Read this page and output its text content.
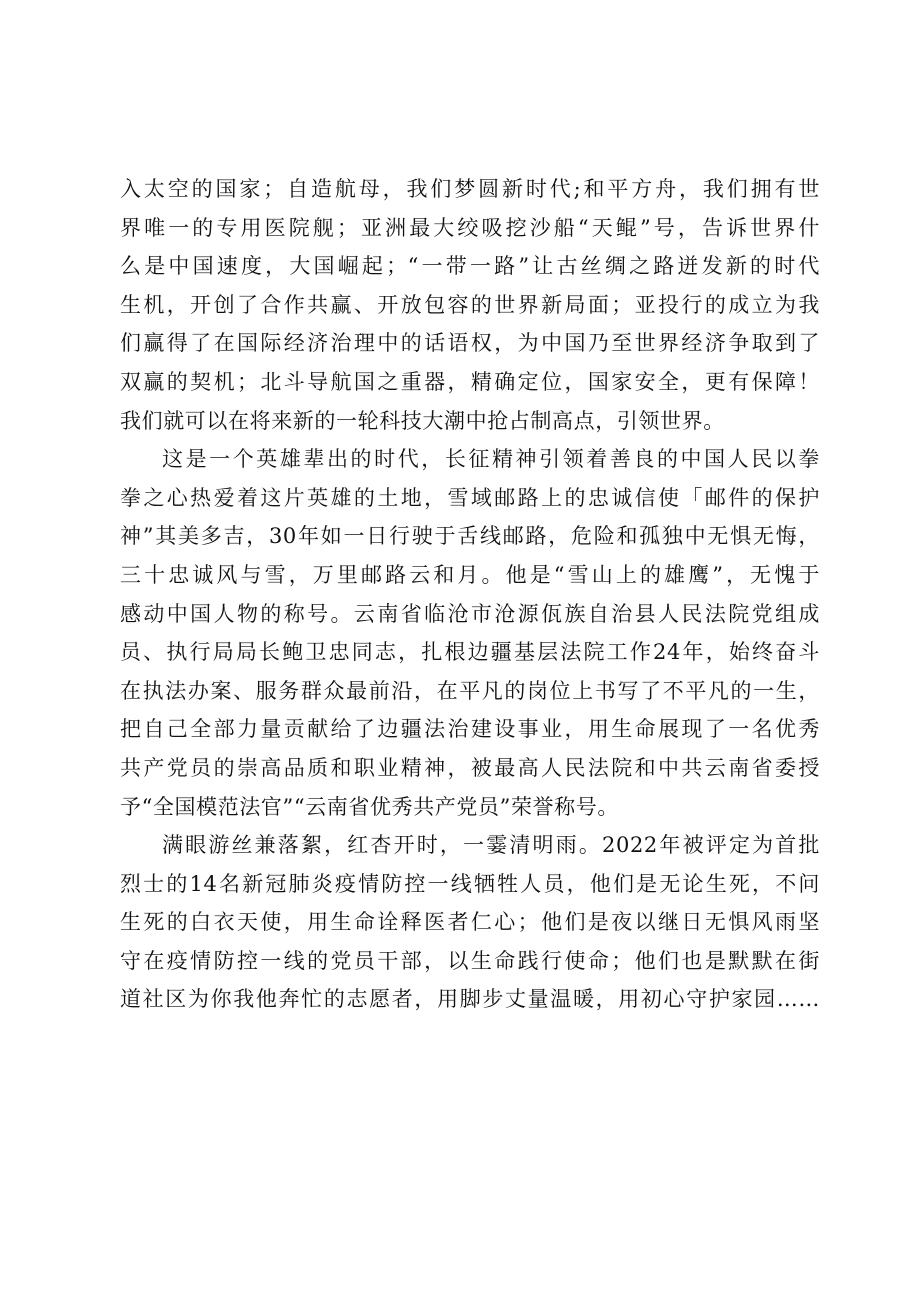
入太空的国家；自造航母，我们梦圆新时代;和平方舟，我们拥有世
界唯一的专用医院舰；亚洲最大绞吸挖沙船“天鲲”号，告诉世界什
么是中国速度，大国崛起；“一带一路”让古丝绸之路迸发新的时代
生机，开创了合作共赢、开放包容的世界新局面；亚投行的成立为我
们赢得了在国际经济治理中的话语权，为中国乃至世界经济争取到了
双赢的契机；北斗导航国之重器，精确定位，国家安全，更有保障！
我们就可以在将来新的一轮科技大潮中抢占制高点，引领世界。
这是一个英雄辈出的时代，长征精神引领着善良的中国人民以拳
拳之心热爱着这片英雄的土地，雪域邮路上的忠诚信使「邮件的保护
神”其美多吉，30年如一日行驶于舌线邮路，危险和孤独中无惧无悔，
三十忠诚风与雪，万里邮路云和月。他是“雪山上的雄鹰”，无愧于
感动中国人物的称号。云南省临沧市沧源佤族自治县人民法院党组成
员、执行局局长鲍卫忠同志，扎根边疆基层法院工作24年，始终奋斗
在执法办案、服务群众最前沿，在平凡的岗位上书写了不平凡的一生，
把自己全部力量贡献给了边疆法治建设事业，用生命展现了一名优秀
共产党员的崇高品质和职业精神，被最高人民法院和中共云南省委授
予“全国模范法官”“云南省优秀共产党员”荣誉称号。
满眼游丝兼落絮，红杏开时，一霎清明雨。2022年被评定为首批
烈士的14名新冠肺炎疫情防控一线牺牲人员，他们是无论生死，不问
生死的白衣天使，用生命诠释医者仁心；他们是夜以继日无惧风雨坚
守在疫情防控一线的党员干部，以生命践行使命；他们也是默默在街
道社区为你我他奔忙的志愿者，用脚步丈量温暖，用初心守护家园……
